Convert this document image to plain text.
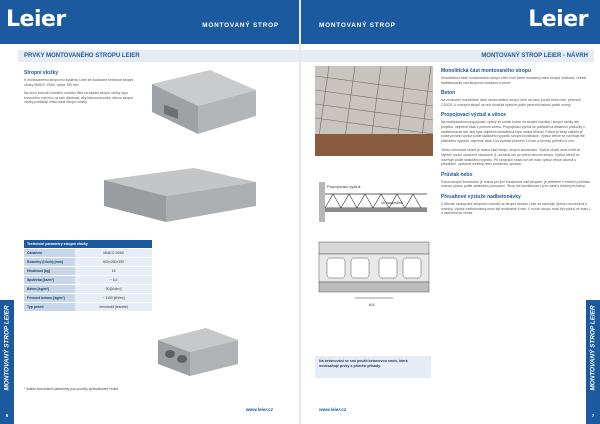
Leier	MONTOVANÝ STROP
PRVKY MONTOVANÉHO STROPU LEIER
Stropní vložky

K montovanému stropnímu systému Leier se dodávané betonové stropní vložky MIAKO 19/60, výšce 190 mm.

Na obou koncích každého nosníku lišta na zadání stropní vložky typu koncového rozvrhu, na tato vlastnost, aby betonová směs, kterou stropní vložky pokládají místo mezi stropní vložky.

Technické parametry stropní vložky	
Označení	MIAKO 19/60
Rozměry (l×b×h) [mm]	600×250×190
Hmotnost [kg]	16
Spotřeba [ks/m²]	~ 6,3
Beton [kg/m²]	90 [kN/m²]
Pevnost betonu [kg/m²]	~ 1150 [kN/m²]
Typ pečeti	Vermiculit (tesnělé)
* dalším konstrukční parametry jsou použity zjednodušení Hrubé
MONTOVANÝ STROP LEIER
6
www.leier.cz
MONTOVANÝ STROP	Leier
MONTOVANÝ STROP LEIER - NÁVRH
Propojovací výztuž
16 maximálně
6/4
Na betonování se smí použít betonovou směs, která neobsahuje prvky s příměsí přísady.
Monolitická část montovaného stropu

Monolitickou částí montovaného stropu Leier tvoří beton nanesený mezi stropní vložkami, včetně nadbetonávky nad stropními vložkami a věnce.

Beton

Na zhotovení monolitické části montovaného stropu Leier se musí použít beton min. pevnosti C20/25. U nosných stropů se určí tloušťka výztuže podle pevnosti betonu podle normy.

Propojovací výztuž a věnce

Na nadbetonávce propojovací výztuž se umístí kolmo na stropní nosníky i stropní vložky dle projektu, nejméně však v jednom směru. Propojovací výztuž se pokládá na distanční podložky v nadbetonávce tak, aby byla zajištěna dostatečná krycí vrstva betonu. Pokud je strop zatížen je nutné provést výztuž podle statického výpočtu stropní konstrukce. Výztuž věnce se navrhuje dle statického výpočtu, nejméně však 4 ks výztuže průměru 10 mm a třmínky průměru 6 mm.

Věnec obvodová věnce je nosná část stropu, stropní konstrukce. Výztuž věnců musí tvořit ve čtyřech rozích uzavřené obvodové, tj. souvislý tah po celém obvodu stropu. Výztuž věnců se navrhuje podle statického výpočtu. Při stropních nosnících se musí výztuž věnce ukončit s přesahem, výztužné kleštiny nebo podobnou úpravou.

Průvlak nebo

Pokud stropní konstrukce je nosná pro jiné konstrukce nad stropem, je potřebné v místech průvlaku nosnou plochu podle statického posouzení. Strop lze kombinovat v jeho části s lehčenými trámy.

Přesahové výztuže nadbetonávky

Z důvodu spolupráce stropních nosníků se stropní deskou Leier se navrhuje výztuž rovnoběžná s nosníky. Výztuž nadbetonávky musí být minimálně 6 mm. V rozích stropu musí být výztuž ve tvaru L a ukotvena do věnce.

MONTOVANÝ STROP LEIER
7
www.leier.cz
